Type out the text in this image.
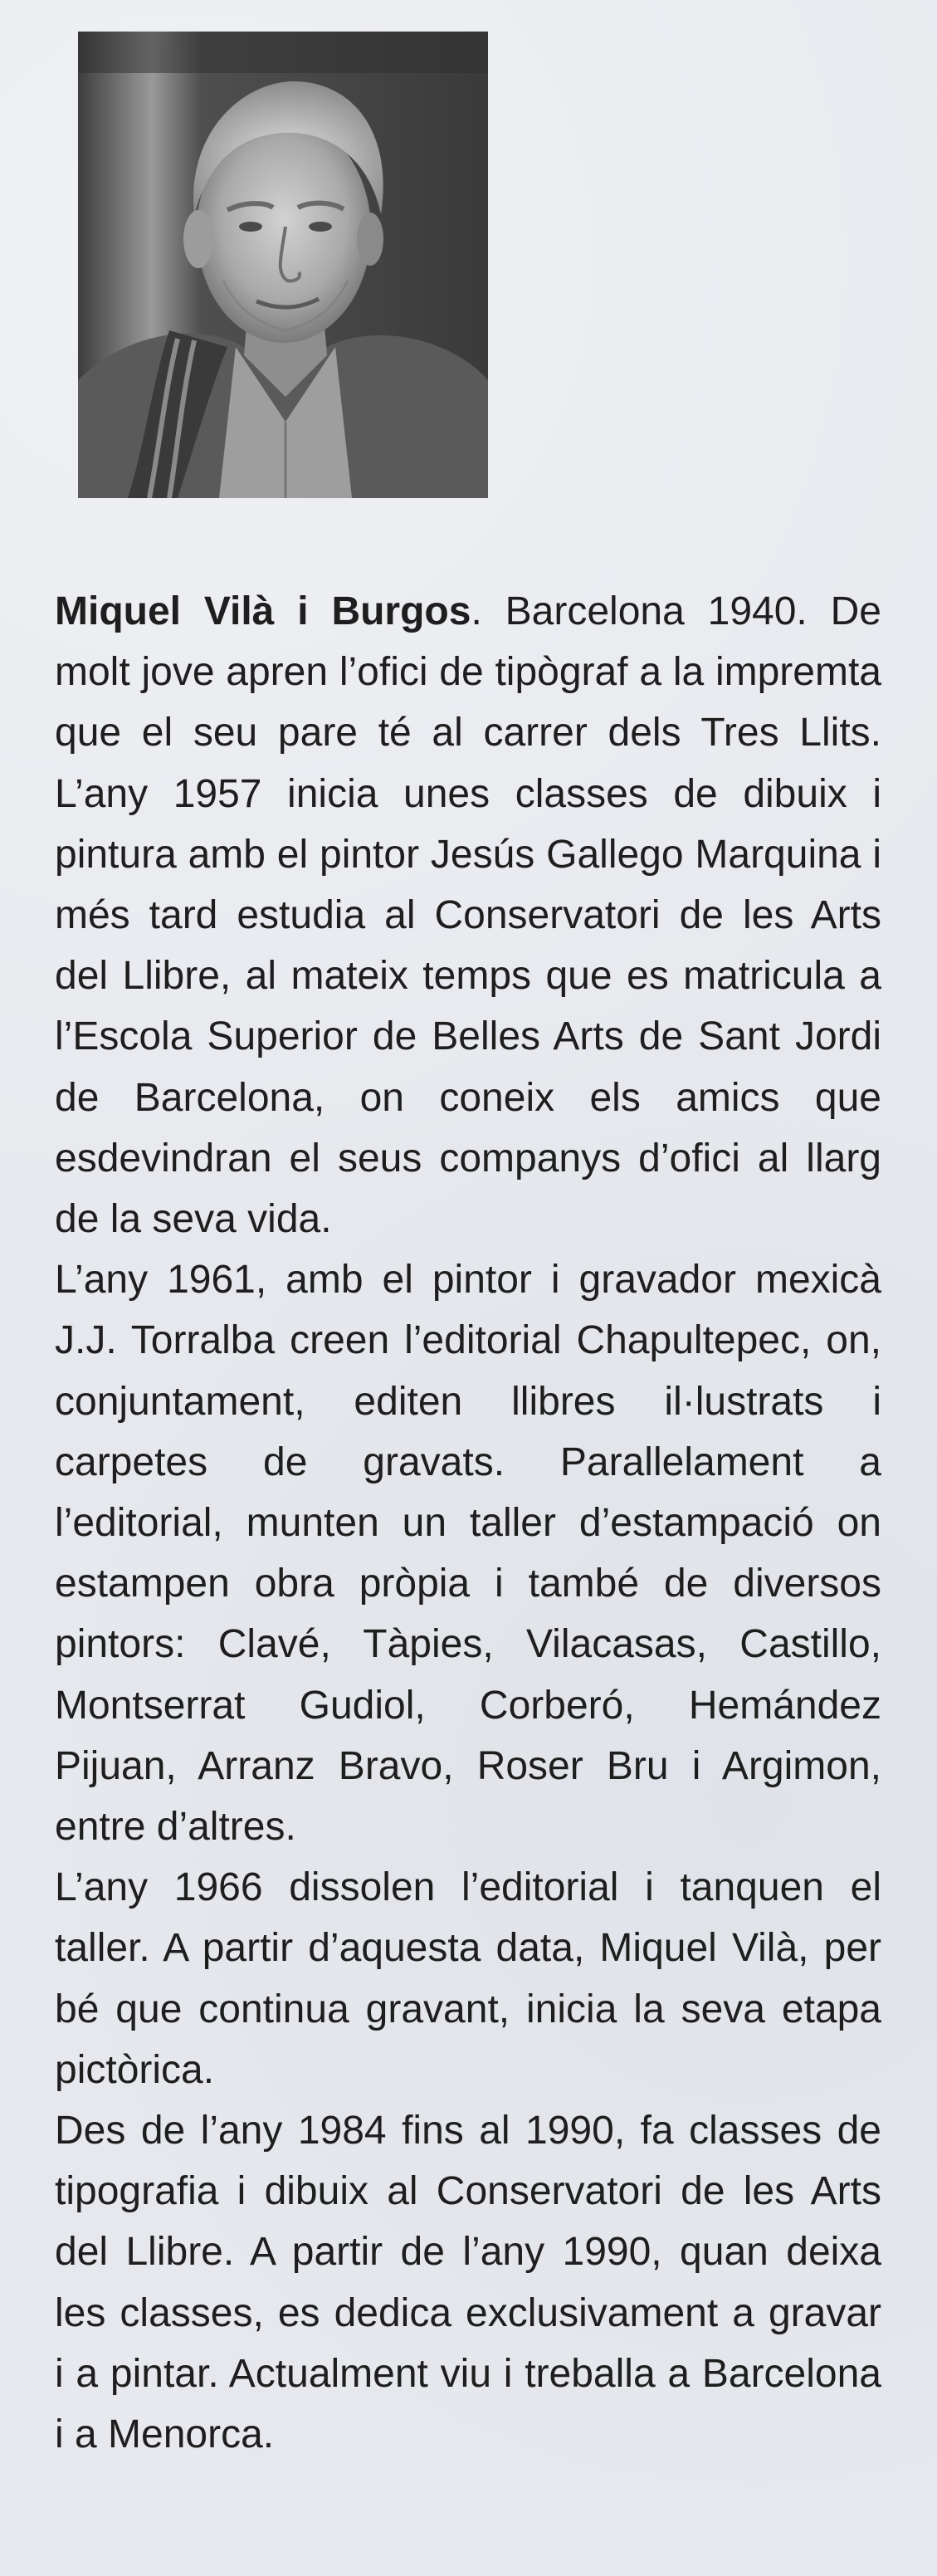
Miquel Vilà i Burgos. Barcelona 1940. De molt jove apren l’ofici de tipògraf a la impremta que el seu pare té al carrer dels Tres Llits. L’any 1957 inicia unes classes de dibuix i pintura amb el pintor Jesús Gallego Marquina i més tard estudia al Conservatori de les Arts del Llibre, al mateix temps que es matricula a l’Escola Superior de Belles Arts de Sant Jordi de Barcelona, on coneix els amics que esdevindran el seus companys d’ofici al llarg de la seva vida.

L’any 1961, amb el pintor i gravador mexicà J.J. Torralba creen l’editorial Chapultepec, on, conjuntament, editen llibres il·lustrats i carpetes de gravats. Parallelament a l’editorial, munten un taller d’estampació on estampen obra pròpia i també de diversos pintors: Clavé, Tàpies, Vilacasas, Castillo, Montserrat Gudiol, Corberó, Hemández Pijuan, Arranz Bravo, Roser Bru i Argimon, entre d’altres.

L’any 1966 dissolen l’editorial i tanquen el taller. A partir d’aquesta data, Miquel Vilà, per bé que continua gravant, inicia la seva etapa pictòrica.

Des de l’any 1984 fins al 1990, fa classes de tipografia i dibuix al Conservatori de les Arts del Llibre. A partir de l’any 1990, quan deixa les classes, es dedica exclusivament a gravar i a pintar. Actualment viu i treballa a Barcelona i a Menorca.
